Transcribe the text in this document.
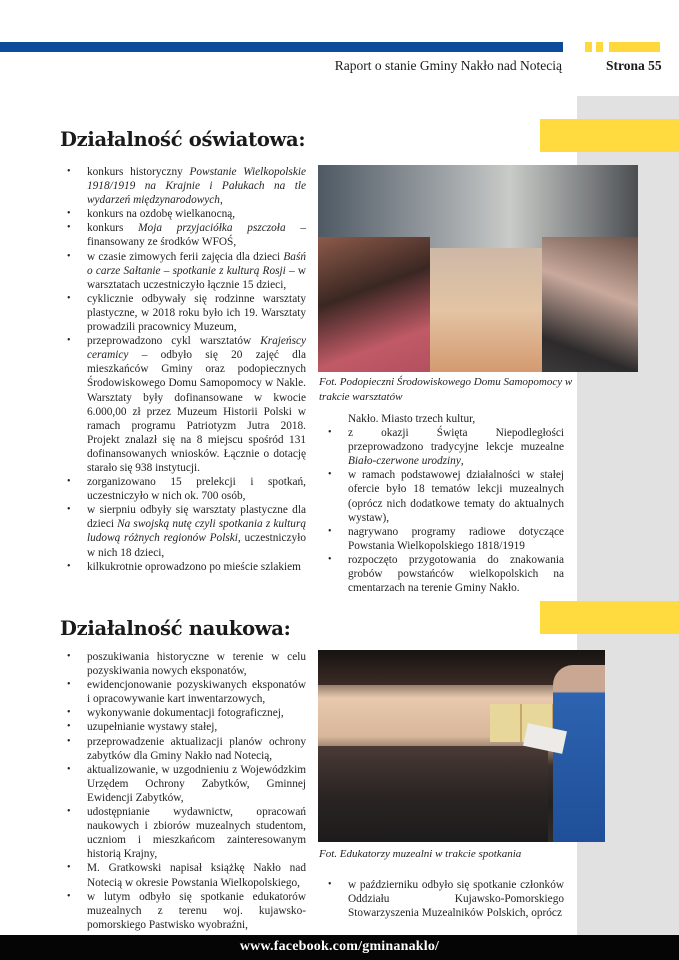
Raport o stanie Gminy Nakło nad Notecią	Strona 55
Działalność oświatowa:
• konkurs historyczny Powstanie Wielkopolskie 1918/1919 na Krajnie i Pałukach na tle wydarzeń międzynarodowych,
• konkurs na ozdobę wielkanocną,
• konkurs Moja przyjaciółka pszczoła – finansowany ze środków WFOŚ,
• w czasie zimowych ferii zajęcia dla dzieci Baśń o carze Sałtanie – spotkanie z kulturą Rosji – w warsztatach uczestniczyło łącznie 15 dzieci,
• cyklicznie odbywały się rodzinne warsztaty plastyczne, w 2018 roku było ich 19. Warsztaty prowadzili pracownicy Muzeum,
• przeprowadzono cykl warsztatów Krajeńscy ceramicy – odbyło się 20 zajęć dla mieszkańców Gminy oraz podopiecznych Środowiskowego Domu Samopomocy w Nakle. Warsztaty były dofinansowane w kwocie 6.000,00 zł przez Muzeum Historii Polski w ramach programu Patriotyzm Jutra 2018. Projekt znalazł się na 8 miejscu spośród 131 dofinansowanych wniosków. Łącznie o dotację starało się 938 instytucji.
• zorganizowano 15 prelekcji i spotkań, uczestniczyło w nich ok. 700 osób,
• w sierpniu odbyły się warsztaty plastyczne dla dzieci Na swojską nutę czyli spotkania z kulturą ludową różnych regionów Polski, uczestniczyło w nich 18 dzieci,
• kilkukrotnie oprowadzono po mieście szlakiem
Fot. Podopieczni Środowiskowego Domu Samopomocy w trakcie warsztatów
Nakło. Miasto trzech kultur,
• z okazji Święta Niepodległości przeprowadzono tradycyjne lekcje muzealne Biało-czerwone urodziny,
• w ramach podstawowej działalności w stałej ofercie było 18 tematów lekcji muzealnych (oprócz nich dodatkowe tematy do aktualnych wystaw),
• nagrywano programy radiowe dotyczące Powstania Wielkopolskiego 1818/1919
• rozpoczęto przygotowania do znakowania grobów powstańców wielkopolskich na cmentarzach na terenie Gminy Nakło.
Działalność naukowa:
• poszukiwania historyczne w terenie w celu pozyskiwania nowych eksponatów,
• ewidencjonowanie pozyskiwanych eksponatów i opracowywanie kart inwentarzowych,
• wykonywanie dokumentacji fotograficznej,
• uzupełnianie wystawy stałej,
• przeprowadzenie aktualizacji planów ochrony zabytków dla Gminy Nakło nad Notecią,
• aktualizowanie, w uzgodnieniu z Wojewódzkim Urzędem Ochrony Zabytków, Gminnej Ewidencji Zabytków,
• udostępnianie wydawnictw, opracowań naukowych i zbiorów muzealnych studentom, uczniom i mieszkańcom zainteresowanym historią Krajny,
• M. Gratkowski napisał książkę Nakło nad Notecią w okresie Powstania Wielkopolskiego,
• w lutym odbyło się spotkanie edukatorów muzealnych z terenu woj. kujawsko-pomorskiego Pastwisko wyobraźni,
Fot. Edukatorzy muzealni w trakcie spotkania
• w październiku odbyło się spotkanie członków Oddziału Kujawsko-Pomorskiego Stowarzyszenia Muzealników Polskich, oprócz
www.facebook.com/gminanaklo/
